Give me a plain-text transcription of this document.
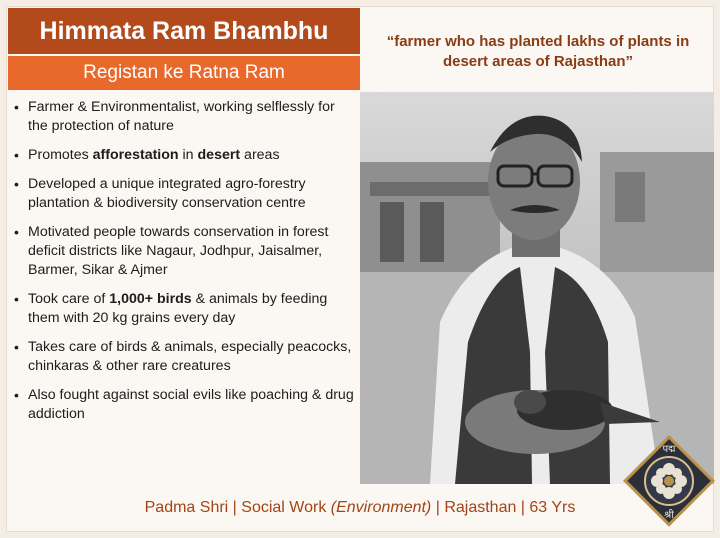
Himmata Ram Bhambhu
Registan ke Ratna Ram
“farmer who has planted lakhs of plants in desert areas of Rajasthan”
• Farmer & Environmentalist, working selflessly for the protection of nature
• Promotes afforestation in desert areas
• Developed a unique integrated agro-forestry plantation & biodiversity conservation centre
• Motivated people towards conservation in forest deficit districts like Nagaur, Jodhpur, Jaisalmer, Barmer, Sikar & Ajmer
• Took care of 1,000+ birds & animals by feeding them with 20 kg grains every day
• Takes care of birds & animals, especially peacocks, chinkaras & other rare creatures
• Also fought against social evils like poaching & drug addiction
Padma Shri | Social Work (Environment) | Rajasthan | 63 Yrs
पद्म
श्री
